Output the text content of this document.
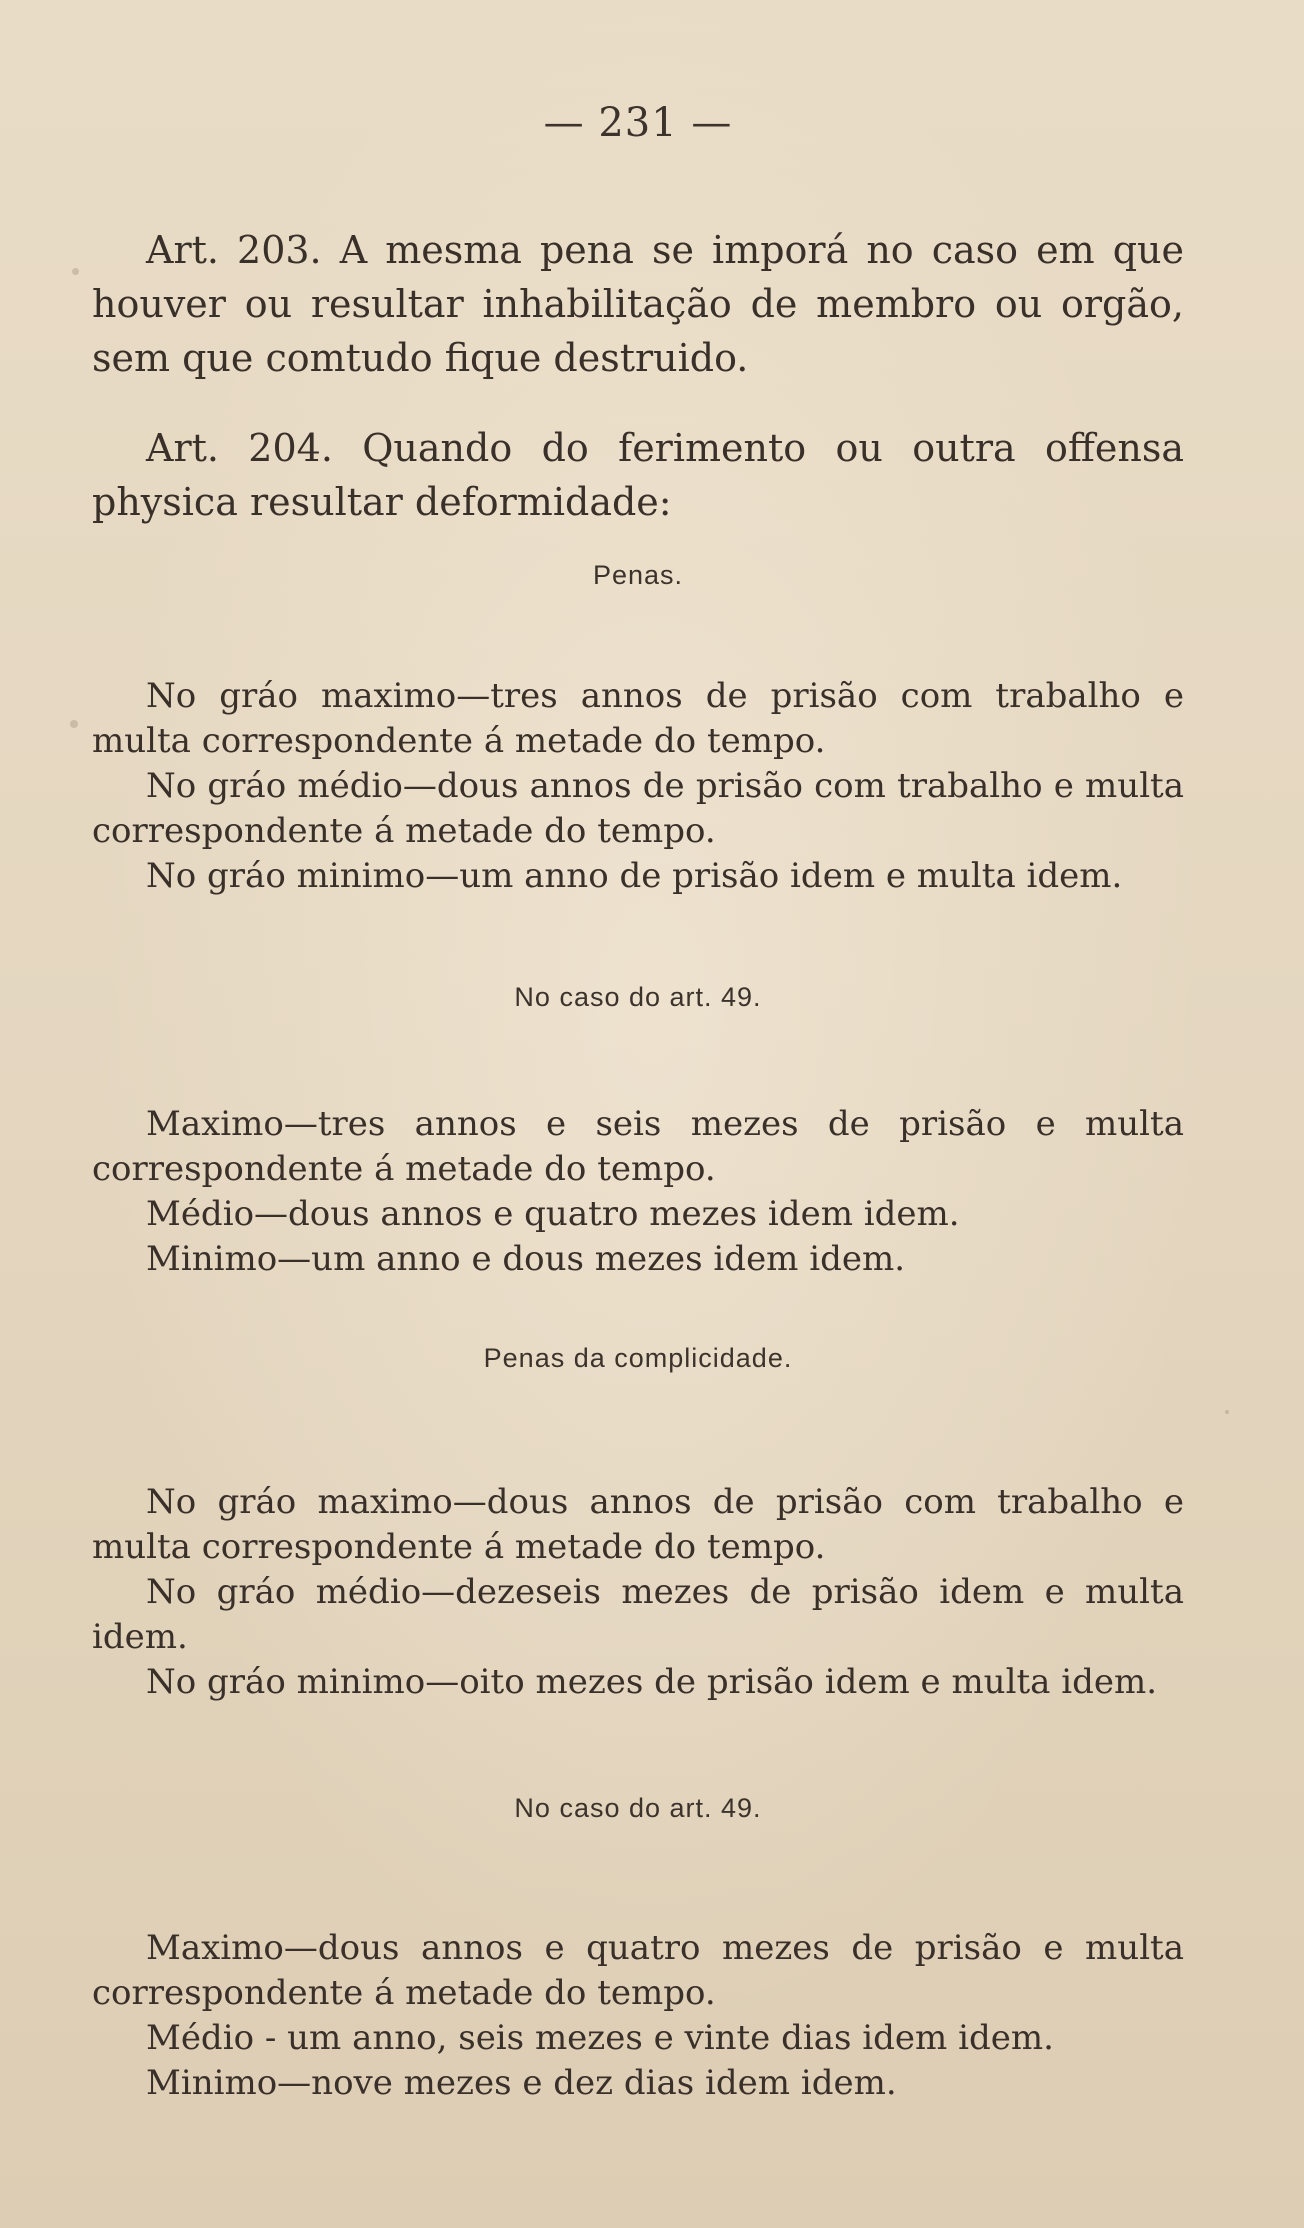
— 231 —

Art. 203. A mesma pena se imporá no caso em que houver ou resultar inhabilitação de membro ou orgão, sem que comtudo fique destruido.

Art. 204. Quando do ferimento ou outra offensa physica resultar deformidade:

Penas.

No gráo maximo—tres annos de prisão com trabalho e multa correspondente á metade do tempo.

No gráo médio—dous annos de prisão com trabalho e multa correspondente á metade do tempo.

No gráo minimo—um anno de prisão idem e multa idem.

No caso do art. 49.

Maximo—tres annos e seis mezes de prisão e multa correspondente á metade do tempo.

Médio—dous annos e quatro mezes idem idem.

Minimo—um anno e dous mezes idem idem.

Penas da complicidade.

No gráo maximo—dous annos de prisão com trabalho e multa correspondente á metade do tempo.

No gráo médio—dezeseis mezes de prisão idem e multa idem.

No gráo minimo—oito mezes de prisão idem e multa idem.

No caso do art. 49.

Maximo—dous annos e quatro mezes de prisão e multa correspondente á metade do tempo.

Médio - um anno, seis mezes e vinte dias idem idem.

Minimo—nove mezes e dez dias idem idem.
